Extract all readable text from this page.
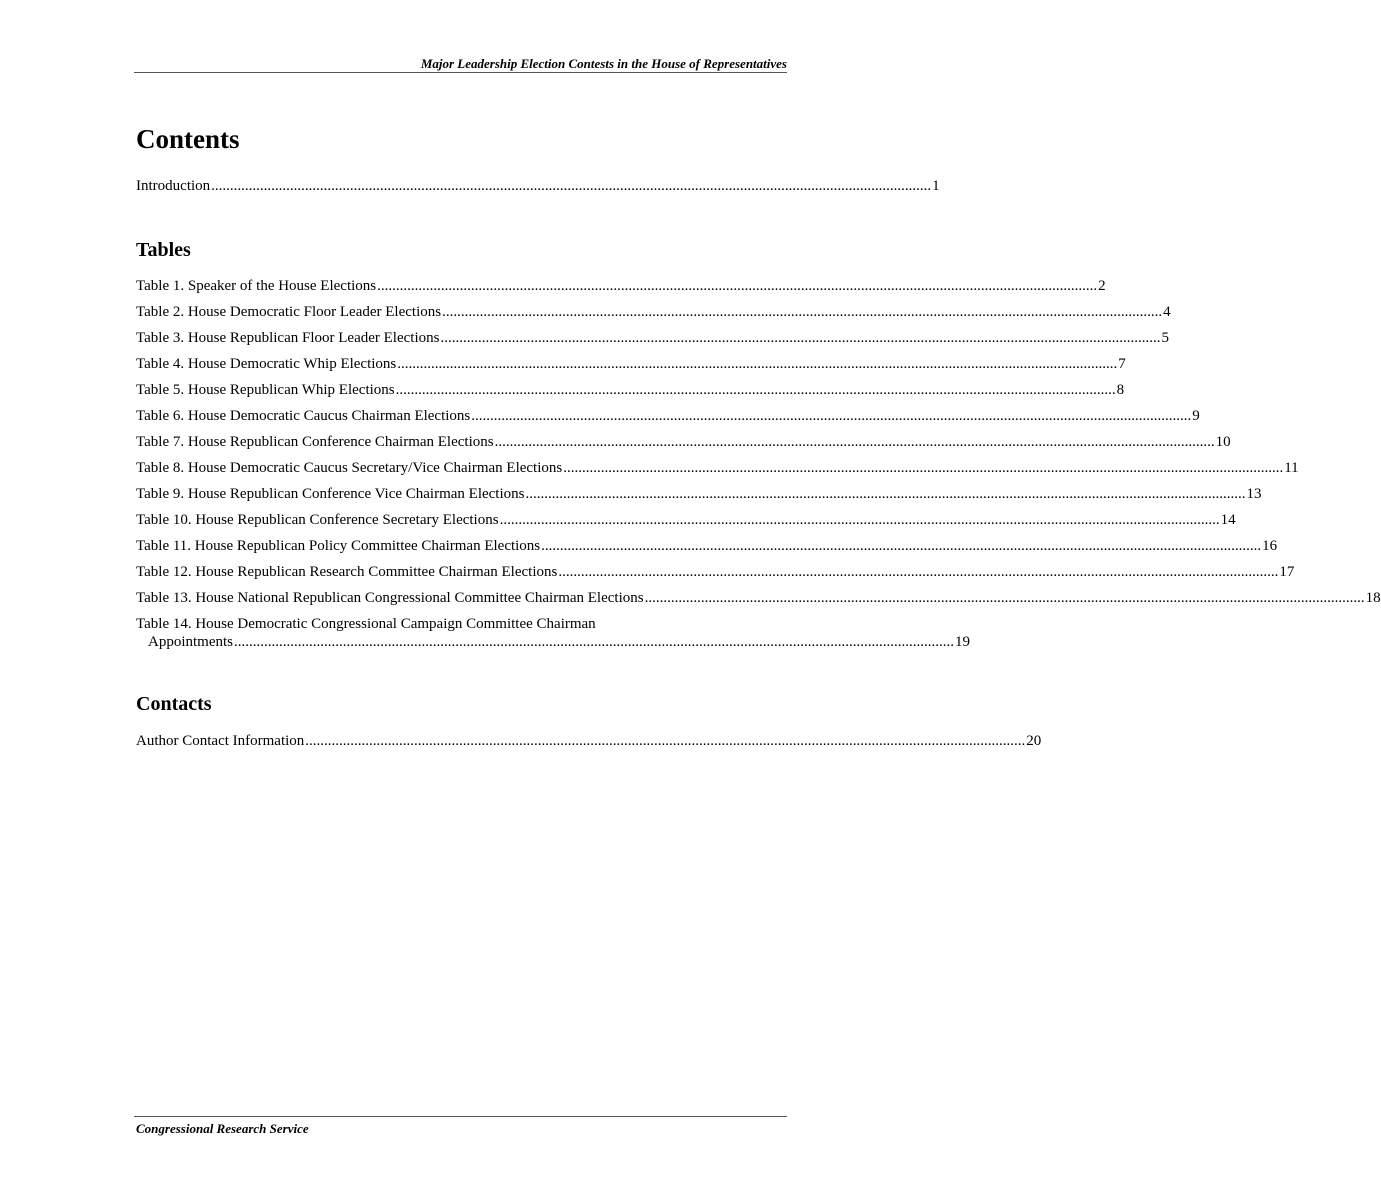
Major Leadership Election Contests in the House of Representatives
Contents
Introduction ................................................................................................................................................................................................ 1
Tables
Table 1. Speaker of the House Elections ................................................................................................................................................................................................ 2
Table 2. House Democratic Floor Leader Elections ................................................................................................................................................................................................ 4
Table 3. House Republican Floor Leader Elections ................................................................................................................................................................................................ 5
Table 4. House Democratic Whip Elections ................................................................................................................................................................................................ 7
Table 5. House Republican Whip Elections ................................................................................................................................................................................................ 8
Table 6. House Democratic Caucus Chairman Elections ................................................................................................................................................................................................ 9
Table 7. House Republican Conference Chairman Elections ................................................................................................................................................................................................ 10
Table 8. House Democratic Caucus Secretary/Vice Chairman Elections ................................................................................................................................................................................................ 11
Table 9. House Republican Conference Vice Chairman Elections ................................................................................................................................................................................................ 13
Table 10. House Republican Conference Secretary Elections ................................................................................................................................................................................................ 14
Table 11. House Republican Policy Committee Chairman Elections ................................................................................................................................................................................................ 16
Table 12. House Republican Research Committee Chairman Elections ................................................................................................................................................................................................ 17
Table 13. House National Republican Congressional Committee Chairman Elections ................................................................................................................................................................................................ 18
Table 14. House Democratic Congressional Campaign Committee Chairman
Appointments ................................................................................................................................................................................................ 19
Contacts
Author Contact Information ................................................................................................................................................................................................ 20
Congressional Research Service
